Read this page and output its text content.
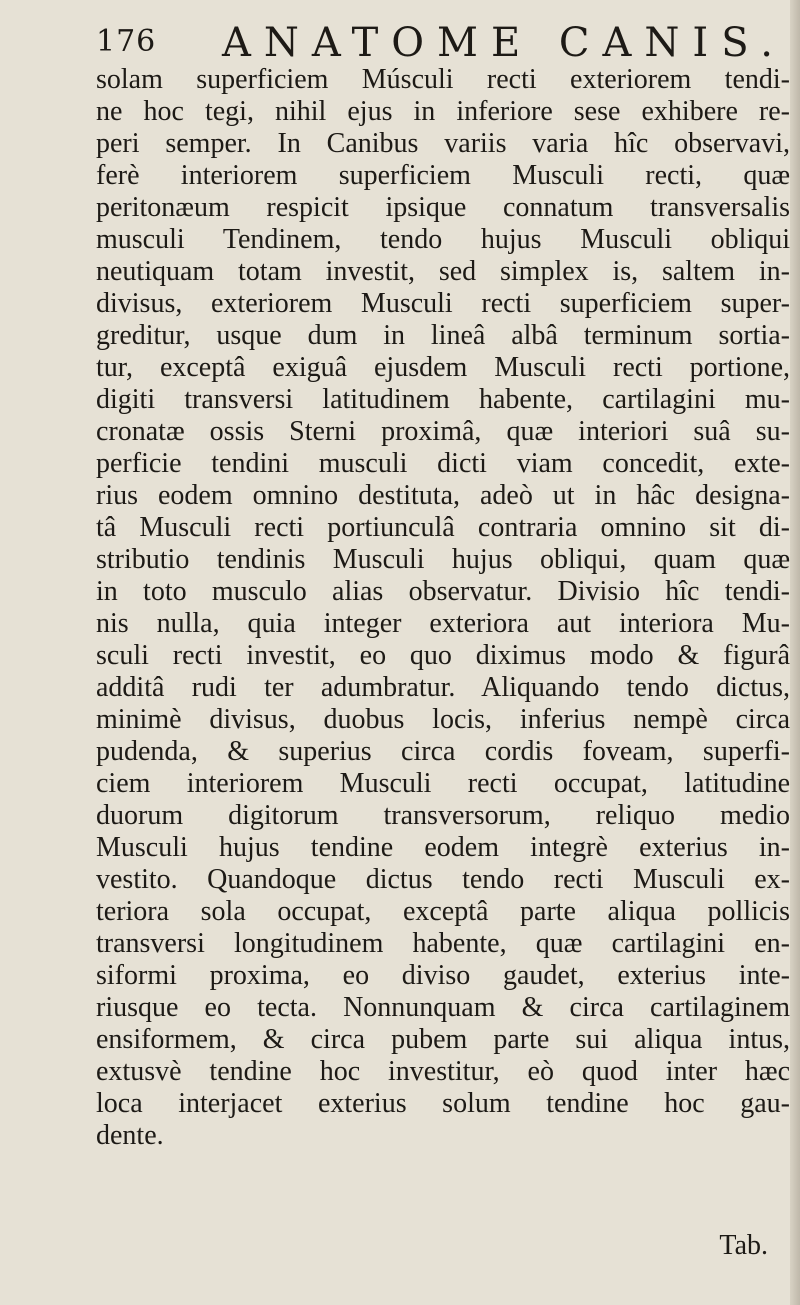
176 ANATOME CANIS.
solam superficiem Músculi recti exteriorem tendi-
ne hoc tegi, nihil ejus in inferiore sese exhibere re-
peri semper. In Canibus variis varia hîc observavi,
ferè interiorem superficiem Musculi recti, quæ
peritonæum respicit ipsique connatum transversalis
musculi Tendinem, tendo hujus Musculi obliqui
neutiquam totam investit, sed simplex is, saltem in-
divisus, exteriorem Musculi recti superficiem super-
greditur, usque dum in lineâ albâ terminum sortia-
tur, exceptâ exiguâ ejusdem Musculi recti portione,
digiti transversi latitudinem habente, cartilagini mu-
cronatæ ossis Sterni proximâ, quæ interiori suâ su-
perficie tendini musculi dicti viam concedit, exte-
rius eodem omnino destituta, adeò ut in hâc designa-
tâ Musculi recti portiunculâ contraria omnino sit di-
stributio tendinis Musculi hujus obliqui, quam quæ
in toto musculo alias observatur. Divisio hîc tendi-
nis nulla, quia integer exteriora aut interiora Mu-
sculi recti investit, eo quo diximus modo & figurâ
additâ rudi ter adumbratur. Aliquando tendo dictus,
minimè divisus, duobus locis, inferius nempè circa
pudenda, & superius circa cordis foveam, superfi-
ciem interiorem Musculi recti occupat, latitudine
duorum digitorum transversorum, reliquo medio
Musculi hujus tendine eodem integrè exterius in-
vestito. Quandoque dictus tendo recti Musculi ex-
teriora sola occupat, exceptâ parte aliqua pollicis
transversi longitudinem habente, quæ cartilagini en-
siformi proxima, eo diviso gaudet, exterius inte-
riusque eo tecta. Nonnunquam & circa cartilaginem
ensiformem, & circa pubem parte sui aliqua intus,
extusvè tendine hoc investitur, eò quod inter hæc
loca interjacet exterius solum tendine hoc gau-
dente.
Tab.
